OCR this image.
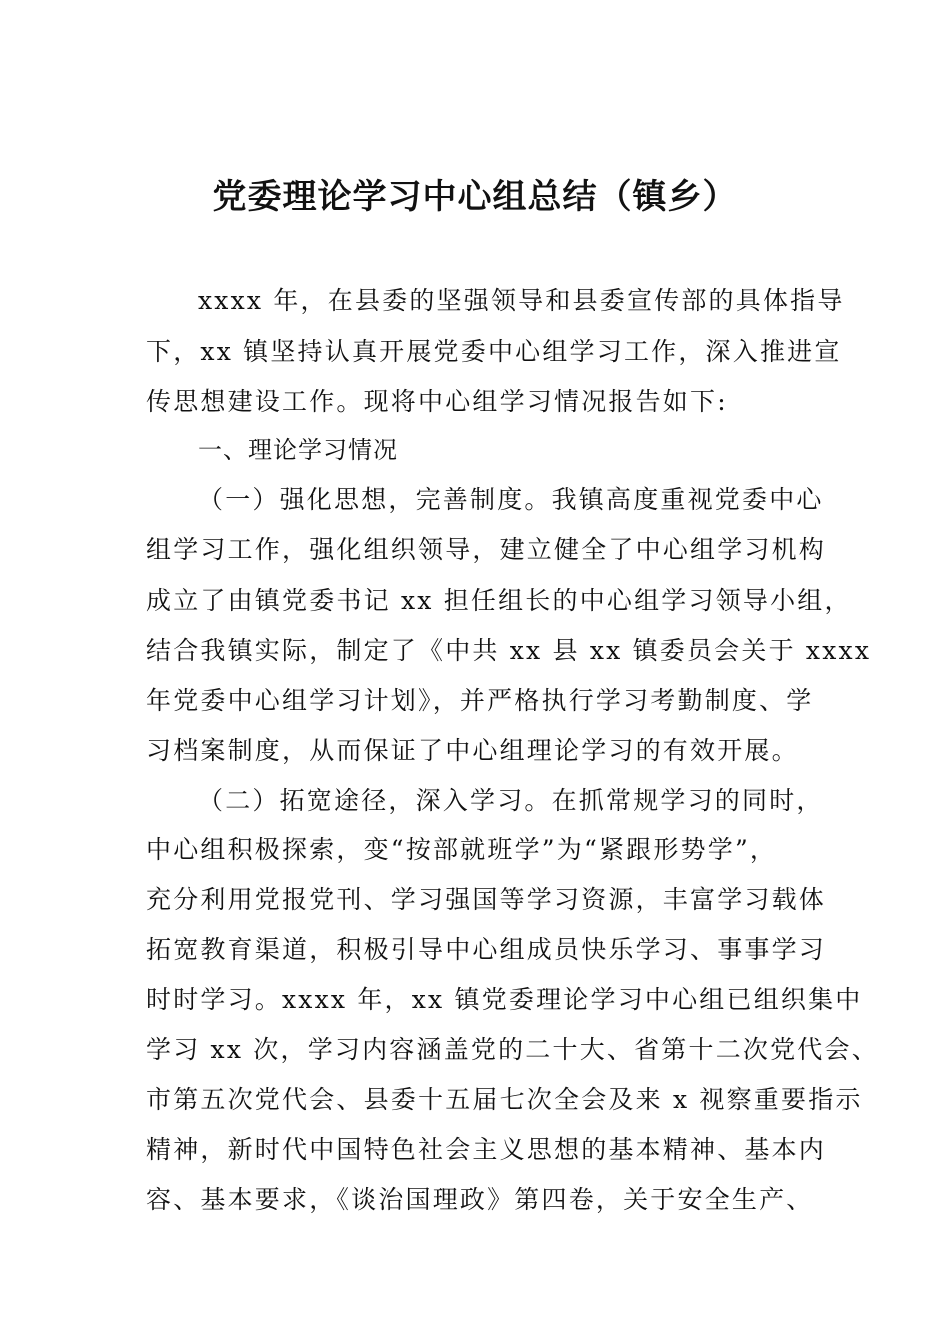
党委理论学习中心组总结（镇乡）
xxxx 年，在县委的坚强领导和县委宣传部的具体指导
下，xx 镇坚持认真开展党委中心组学习工作，深入推进宣
传思想建设工作。现将中心组学习情况报告如下:
一、理论学习情况
（一）强化思想，完善制度。我镇高度重视党委中心
组学习工作，强化组织领导，建立健全了中心组学习机构
成立了由镇党委书记 xx 担任组长的中心组学习领导小组，
结合我镇实际，制定了《中共 xx 县 xx 镇委员会关于 xxxx
年党委中心组学习计划》，并严格执行学习考勤制度、学
习档案制度，从而保证了中心组理论学习的有效开展。
（二）拓宽途径，深入学习。在抓常规学习的同时，
中心组积极探索，变“按部就班学”为“紧跟形势学”，
充分利用党报党刊、学习强国等学习资源，丰富学习载体
拓宽教育渠道，积极引导中心组成员快乐学习、事事学习
时时学习。xxxx 年，xx 镇党委理论学习中心组已组织集中
学习 xx 次，学习内容涵盖党的二十大、省第十二次党代会、
市第五次党代会、县委十五届七次全会及来 x 视察重要指示
精神，新时代中国特色社会主义思想的基本精神、基本内
容、基本要求，《谈治国理政》第四卷，关于安全生产、
